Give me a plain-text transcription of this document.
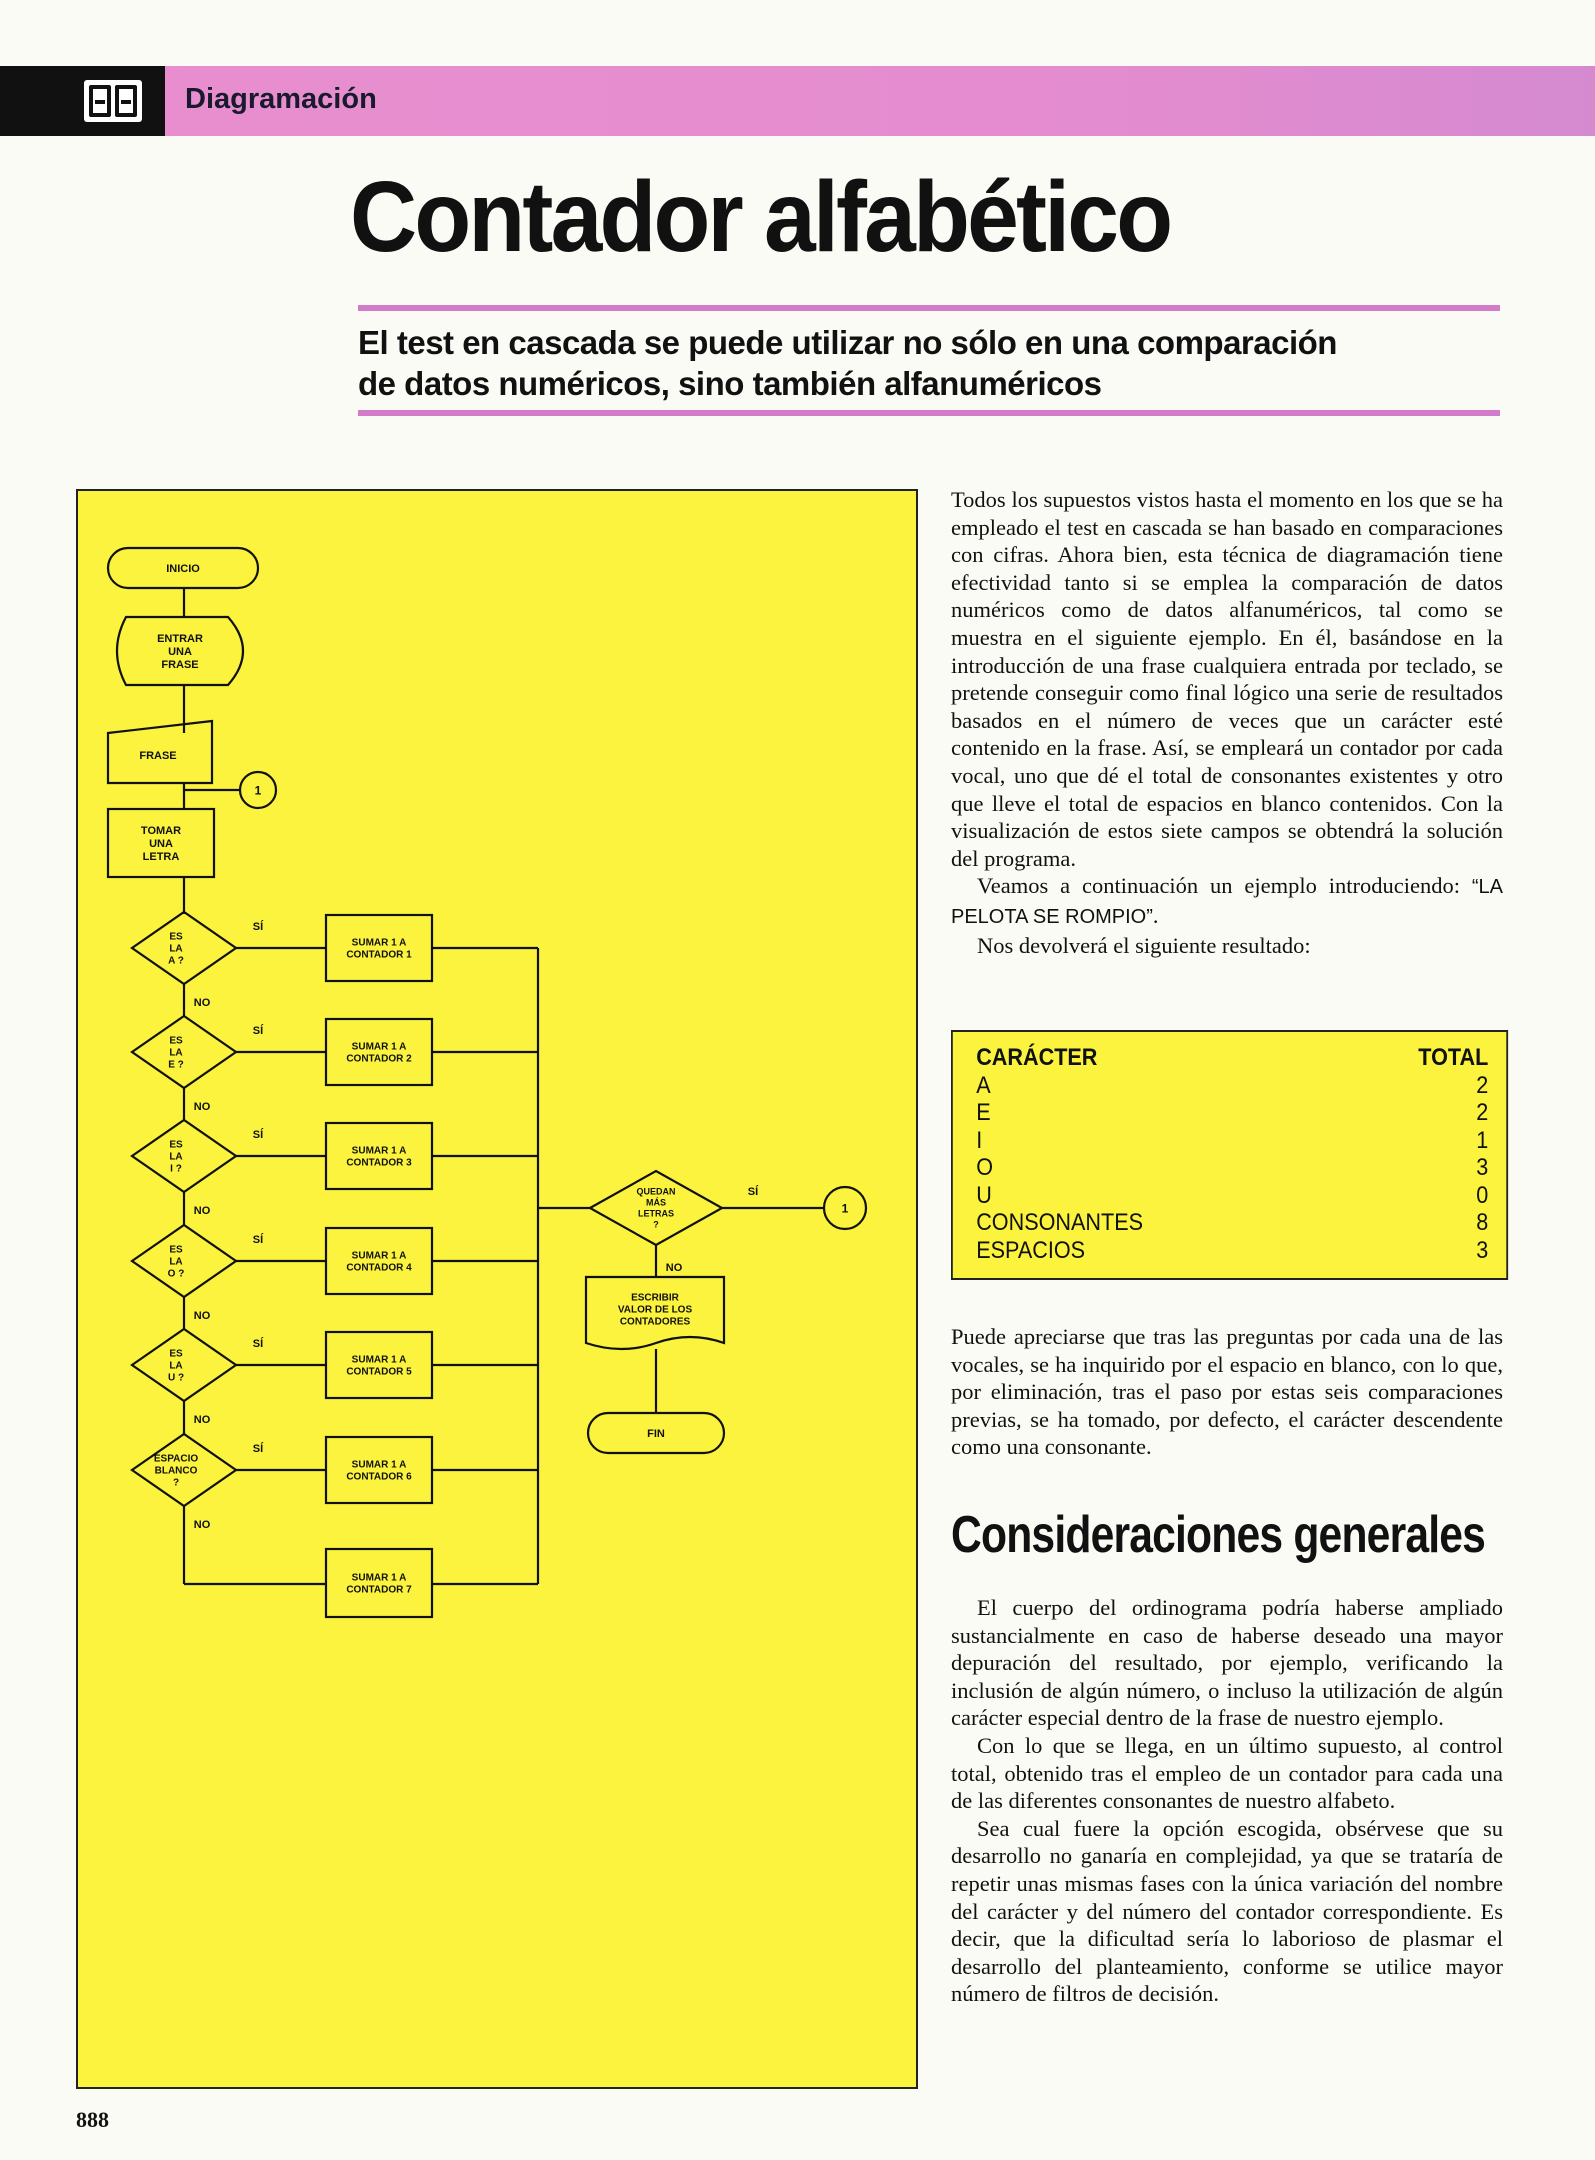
Diagramación
Contador alfabético
El test en cascada se puede utilizar no sólo en una comparación
de datos numéricos, sino también alfanuméricos
INICIO
ENTRAR
UNA
FRASE
FRASE
1
TOMAR
UNA
LETRA
ES
LA
A ?
SÍ
SUMAR 1 A
CONTADOR 1
NO
ES
LA
E ?
SÍ
SUMAR 1 A
CONTADOR 2
NO
ES
LA
I ?
SÍ
SUMAR 1 A
CONTADOR 3
NO
ES
LA
O ?
SÍ
SUMAR 1 A
CONTADOR 4
NO
ES
LA
U ?
SÍ
SUMAR 1 A
CONTADOR 5
NO
ESPACIO
BLANCO
?
SÍ
SUMAR 1 A
CONTADOR 6
NO
SUMAR 1 A
CONTADOR 7
QUEDAN
MÁS
LETRAS
?
SÍ
1
NO
ESCRIBIR
VALOR DE LOS
CONTADORES
FIN

Todos los supuestos vistos hasta el momento en los que se ha empleado el test en cascada se han basado en comparaciones con cifras. Ahora bien, esta técnica de diagramación tiene efectividad tanto si se emplea la comparación de datos numéricos como de datos alfanuméricos, tal como se muestra en el siguiente ejemplo. En él, basándose en la introducción de una frase cualquiera entrada por teclado, se pretende conseguir como final lógico una serie de resultados basados en el número de veces que un carácter esté contenido en la frase. Así, se empleará un contador por cada vocal, uno que dé el total de consonantes existentes y otro que lleve el total de espacios en blanco contenidos. Con la visualización de estos siete campos se obtendrá la solución del programa.

Veamos a continuación un ejemplo introduciendo: “LA PELOTA SE ROMPIO”.

Nos devolverá el siguiente resultado:

CARÁCTER	TOTAL
A	2
E	2
I	1
O	3
U	0
CONSONANTES	8
ESPACIOS	3

Puede apreciarse que tras las preguntas por cada una de las vocales, se ha inquirido por el espacio en blanco, con lo que, por eliminación, tras el paso por estas seis comparaciones previas, se ha tomado, por defecto, el carácter descendente como una consonante.

Consideraciones generales

El cuerpo del ordinograma podría haberse ampliado sustancialmente en caso de haberse deseado una mayor depuración del resultado, por ejemplo, verificando la inclusión de algún número, o incluso la utilización de algún carácter especial dentro de la frase de nuestro ejemplo.

Con lo que se llega, en un último supuesto, al control total, obtenido tras el empleo de un contador para cada una de las diferentes consonantes de nuestro alfabeto.

Sea cual fuere la opción escogida, obsérvese que su desarrollo no ganaría en complejidad, ya que se trataría de repetir unas mismas fases con la única variación del nombre del carácter y del número del contador correspondiente. Es decir, que la dificultad sería lo laborioso de plasmar el desarrollo del planteamiento, conforme se utilice mayor número de filtros de decisión.

888
